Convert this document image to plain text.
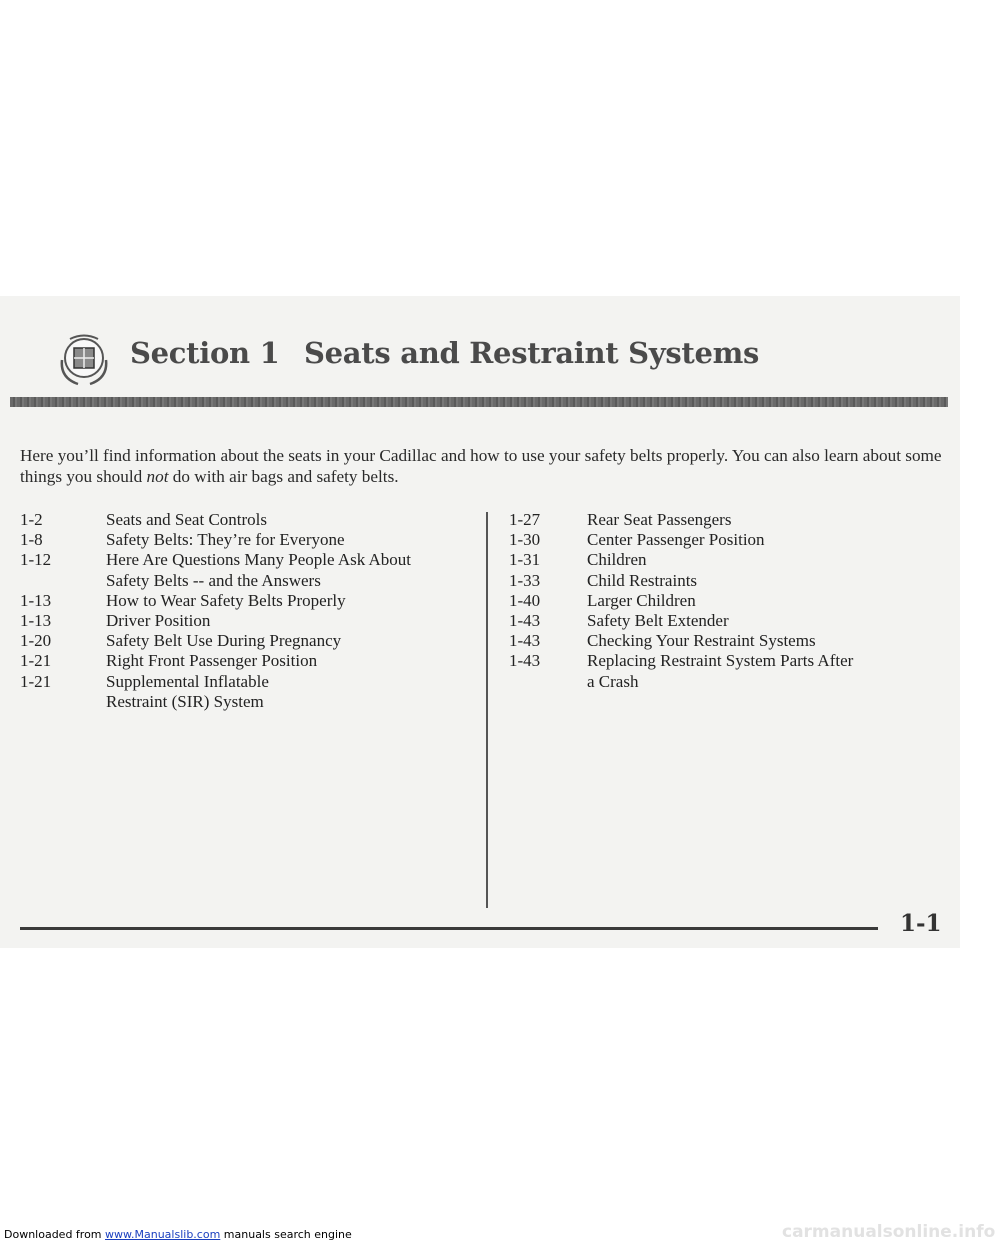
Section 1 Seats and Restraint Systems
Here you’ll find information about the seats in your Cadillac and how to use your safety belts properly. You can also learn about some things you should not do with air bags and safety belts.
1-2	Seats and Seat Controls
1-8	Safety Belts: They’re for Everyone
1-12	Here Are Questions Many People Ask About
Safety Belts -- and the Answers
1-13	How to Wear Safety Belts Properly
1-13	Driver Position
1-20	Safety Belt Use During Pregnancy
1-21	Right Front Passenger Position
1-21	Supplemental Inflatable
Restraint (SIR) System
1-27	Rear Seat Passengers
1-30	Center Passenger Position
1-31	Children
1-33	Child Restraints
1-40	Larger Children
1-43	Safety Belt Extender
1-43	Checking Your Restraint Systems
1-43	Replacing Restraint System Parts After
a Crash
1-1
Downloaded from www.Manualslib.com manuals search engine	carmanualsonline.info
